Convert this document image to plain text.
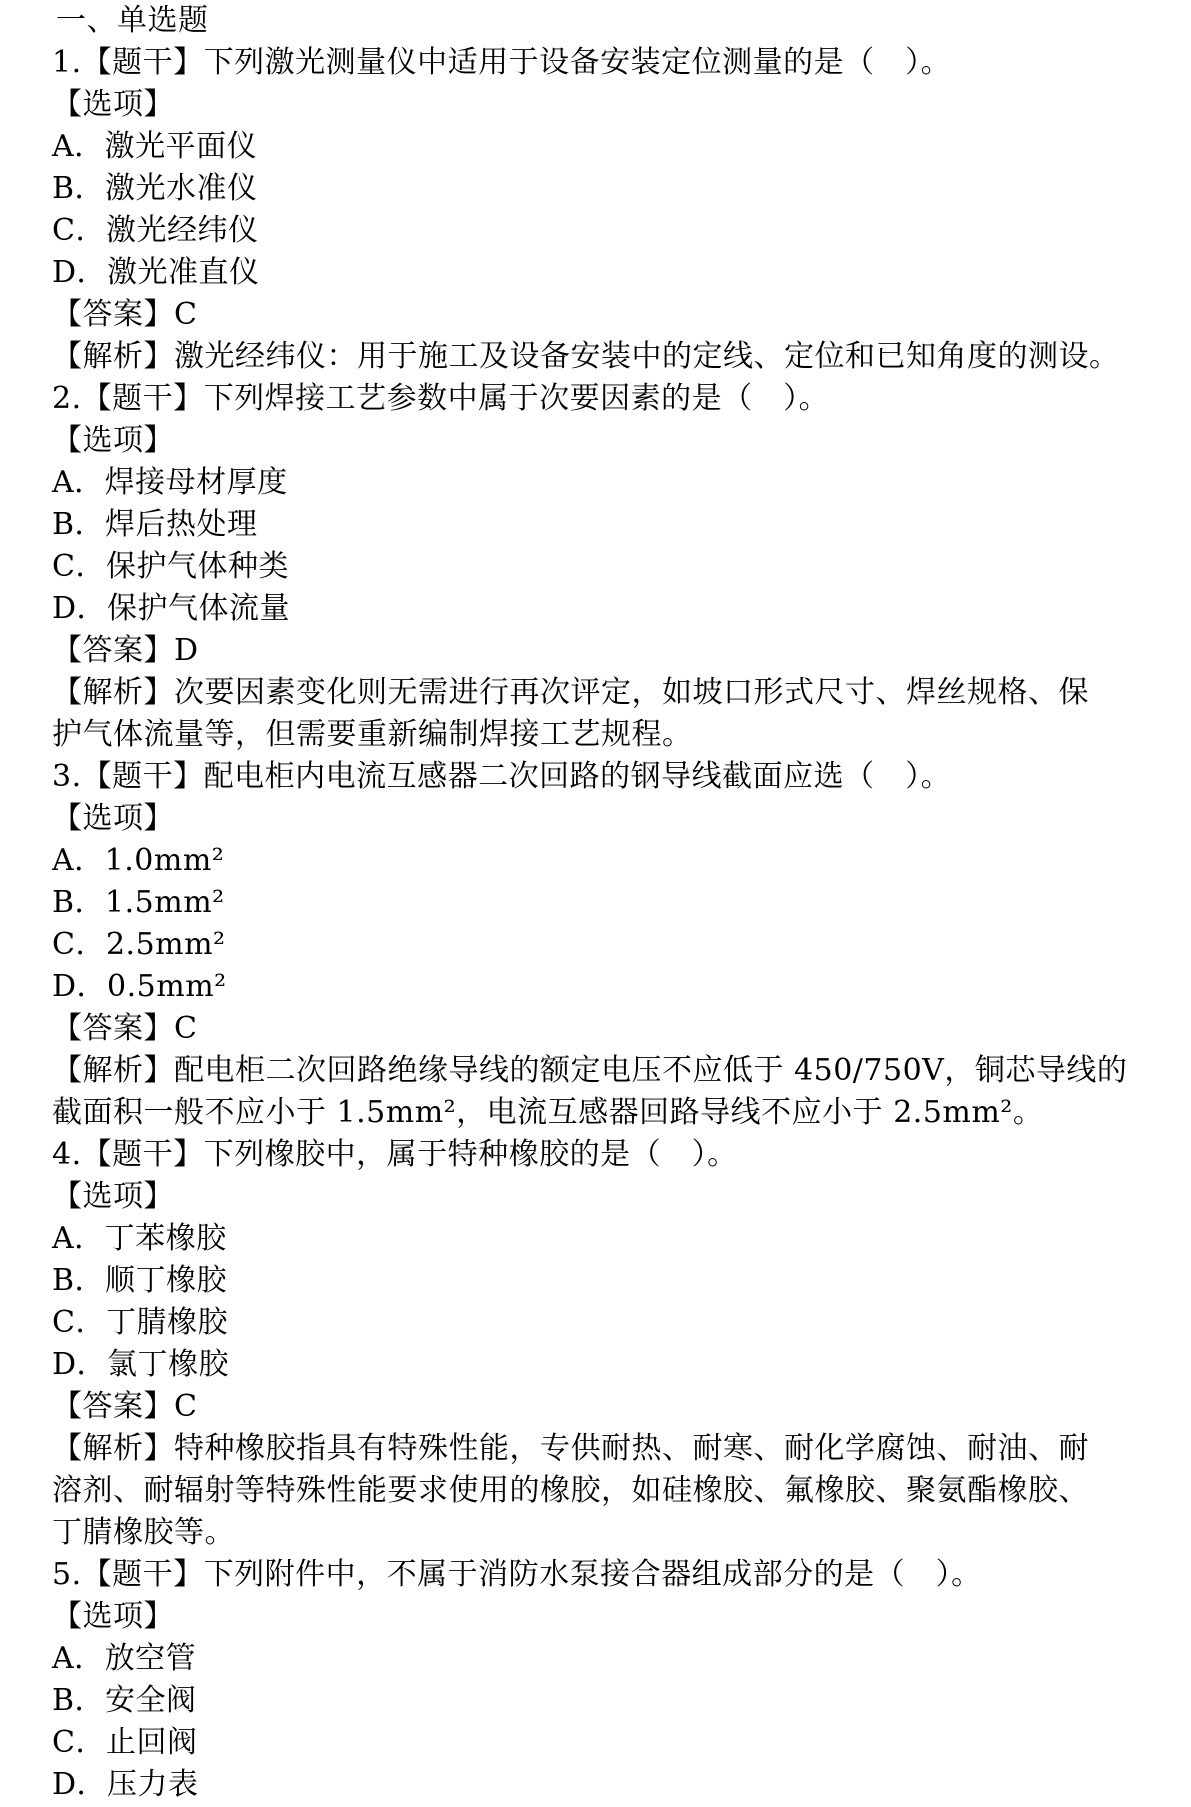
一、单选题
1.【题干】下列激光测量仪中适用于设备安装定位测量的是（　）。
【选项】
A．激光平面仪
B．激光水准仪
C．激光经纬仪
D．激光准直仪
【答案】C
【解析】激光经纬仪：用于施工及设备安装中的定线、定位和已知角度的测设。
2.【题干】下列焊接工艺参数中属于次要因素的是（　）。
【选项】
A．焊接母材厚度
B．焊后热处理
C．保护气体种类
D．保护气体流量
【答案】D
【解析】次要因素变化则无需进行再次评定，如坡口形式尺寸、焊丝规格、保
护气体流量等，但需要重新编制焊接工艺规程。
3.【题干】配电柜内电流互感器二次回路的钢导线截面应选（　）。
【选项】
A．1.0mm²
B．1.5mm²
C．2.5mm²
D．0.5mm²
【答案】C
【解析】配电柜二次回路绝缘导线的额定电压不应低于 450/750V，铜芯导线的
截面积一般不应小于 1.5mm²，电流互感器回路导线不应小于 2.5mm²。
4.【题干】下列橡胶中，属于特种橡胶的是（　）。
【选项】
A．丁苯橡胶
B．顺丁橡胶
C．丁腈橡胶
D．氯丁橡胶
【答案】C
【解析】特种橡胶指具有特殊性能，专供耐热、耐寒、耐化学腐蚀、耐油、耐
溶剂、耐辐射等特殊性能要求使用的橡胶，如硅橡胶、氟橡胶、聚氨酯橡胶、
丁腈橡胶等。
5.【题干】下列附件中，不属于消防水泵接合器组成部分的是（　）。
【选项】
A．放空管
B．安全阀
C．止回阀
D．压力表
